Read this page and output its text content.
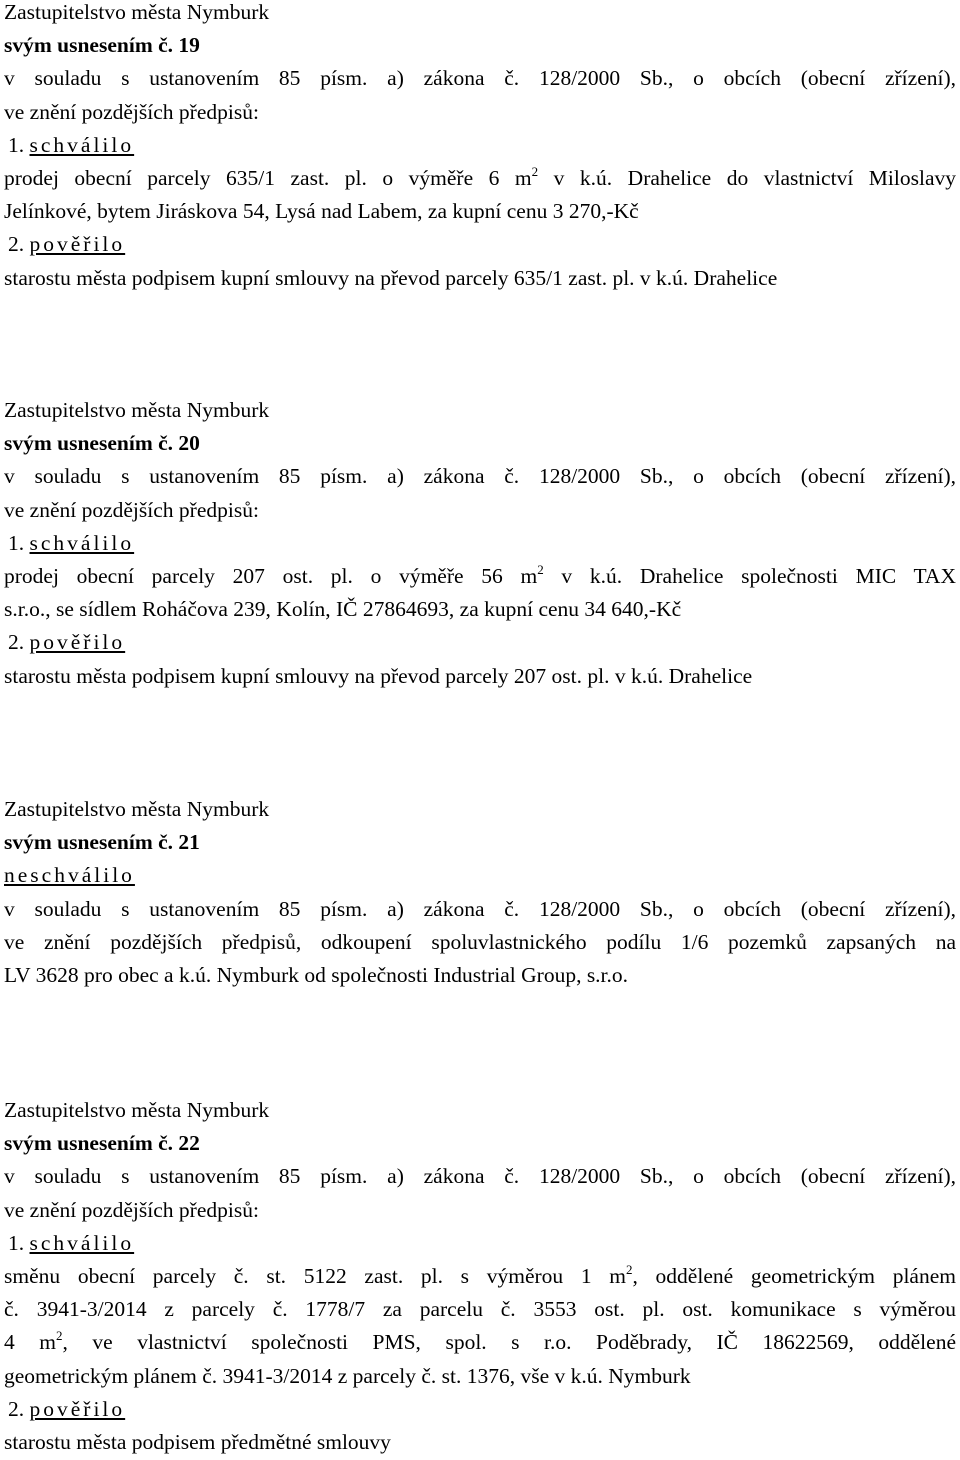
Zastupitelstvo města Nymburk
svým usnesením č. 19
v souladu s ustanovením 85 písm. a) zákona č. 128/2000 Sb., o obcích (obecní zřízení),
ve znění pozdějších předpisů:
1. schválilo
prodej obecní parcely 635/1 zast. pl. o výměře 6 $m^2$ v k.ú. Drahelice do vlastnictví Miloslavy
Jelínkové, bytem Jiráskova 54, Lysá nad Labem, za kupní cenu 3 270,-Kč
2. pověřilo
starostu města podpisem kupní smlouvy na převod parcely 635/1 zast. pl. v k.ú. Drahelice
Zastupitelstvo města Nymburk
svým usnesením č. 20
v souladu s ustanovením 85 písm. a) zákona č. 128/2000 Sb., o obcích (obecní zřízení),
ve znění pozdějších předpisů:
1. schválilo
prodej obecní parcely 207 ost. pl. o výměře 56 $m^2$ v k.ú. Drahelice společnosti MIC TAX
s.r.o., se sídlem Roháčova 239, Kolín, IČ 27864693, za kupní cenu 34 640,-Kč
2. pověřilo
starostu města podpisem kupní smlouvy na převod parcely 207 ost. pl. v k.ú. Drahelice
Zastupitelstvo města Nymburk
svým usnesením č. 21
neschválilo
v souladu s ustanovením 85 písm. a) zákona č. 128/2000 Sb., o obcích (obecní zřízení),
ve znění pozdějších předpisů, odkoupení spoluvlastnického podílu 1/6 pozemků zapsaných na
LV 3628 pro obec a k.ú. Nymburk od společnosti Industrial Group, s.r.o.
Zastupitelstvo města Nymburk
svým usnesením č. 22
v souladu s ustanovením 85 písm. a) zákona č. 128/2000 Sb., o obcích (obecní zřízení),
ve znění pozdějších předpisů:
1. schválilo
směnu obecní parcely č. st. 5122 zast. pl. s výměrou 1 $m^2$, oddělené geometrickým plánem
č. 3941-3/2014 z parcely č. 1778/7 za parcelu č. 3553 ost. pl. ost. komunikace s výměrou
4 $m^2$, ve vlastnictví společnosti PMS, spol. s r.o. Poděbrady, IČ 18622569, oddělené
geometrickým plánem č. 3941-3/2014 z parcely č. st. 1376, vše v k.ú. Nymburk
2. pověřilo
starostu města podpisem předmětné smlouvy
